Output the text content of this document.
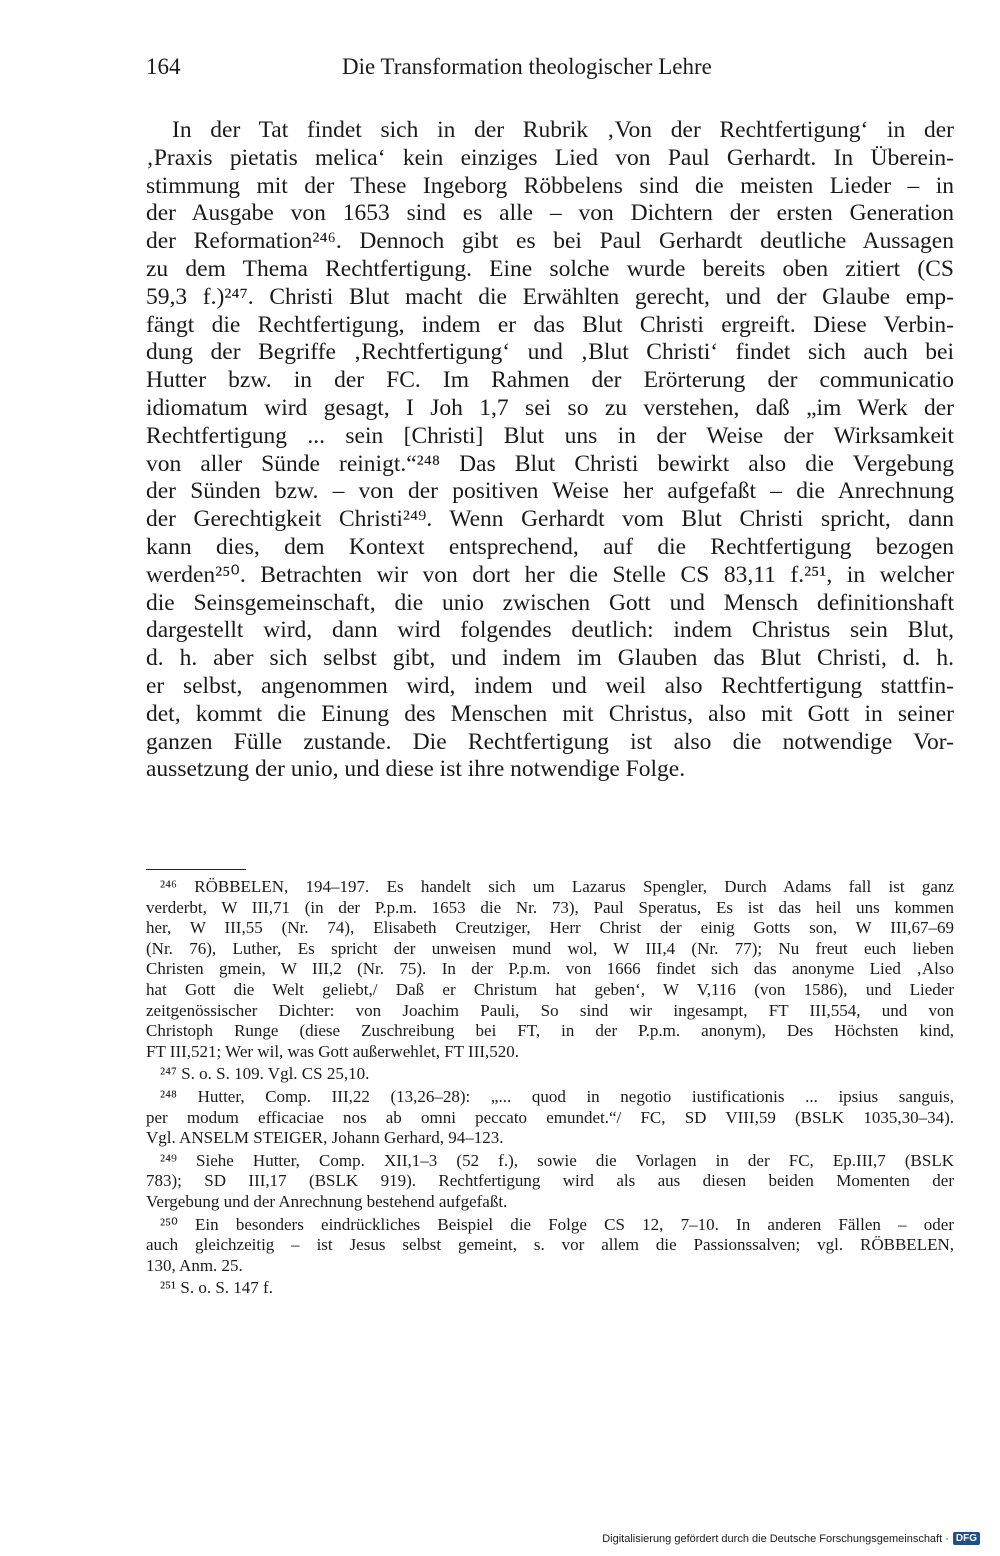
164	Die Transformation theologischer Lehre
In der Tat findet sich in der Rubrik ‚Von der Rechtfertigung‘ in der
‚Praxis pietatis melica‘ kein einziges Lied von Paul Gerhardt. In Überein-
stimmung mit der These Ingeborg Röbbelens sind die meisten Lieder – in
der Ausgabe von 1653 sind es alle – von Dichtern der ersten Generation
der Reformation²⁴⁶. Dennoch gibt es bei Paul Gerhardt deutliche Aussagen
zu dem Thema Rechtfertigung. Eine solche wurde bereits oben zitiert (CS
59,3 f.)²⁴⁷. Christi Blut macht die Erwählten gerecht, und der Glaube emp-
fängt die Rechtfertigung, indem er das Blut Christi ergreift. Diese Verbin-
dung der Begriffe ‚Rechtfertigung‘ und ‚Blut Christi‘ findet sich auch bei
Hutter bzw. in der FC. Im Rahmen der Erörterung der communicatio
idiomatum wird gesagt, I Joh 1,7 sei so zu verstehen, daß „im Werk der
Rechtfertigung ... sein [Christi] Blut uns in der Weise der Wirksamkeit
von aller Sünde reinigt.“²⁴⁸ Das Blut Christi bewirkt also die Vergebung
der Sünden bzw. – von der positiven Weise her aufgefaßt – die Anrechnung
der Gerechtigkeit Christi²⁴⁹. Wenn Gerhardt vom Blut Christi spricht, dann
kann dies, dem Kontext entsprechend, auf die Rechtfertigung bezogen
werden²⁵⁰. Betrachten wir von dort her die Stelle CS 83,11 f.²⁵¹, in welcher
die Seinsgemeinschaft, die unio zwischen Gott und Mensch definitionshaft
dargestellt wird, dann wird folgendes deutlich: indem Christus sein Blut,
d. h. aber sich selbst gibt, und indem im Glauben das Blut Christi, d. h.
er selbst, angenommen wird, indem und weil also Rechtfertigung stattfin-
det, kommt die Einung des Menschen mit Christus, also mit Gott in seiner
ganzen Fülle zustande. Die Rechtfertigung ist also die notwendige Vor-
aussetzung der unio, und diese ist ihre notwendige Folge.
²⁴⁶ RÖBBELEN, 194–197. Es handelt sich um Lazarus Spengler, Durch Adams fall ist ganz
verderbt, W III,71 (in der P.p.m. 1653 die Nr. 73), Paul Speratus, Es ist das heil uns kommen
her, W III,55 (Nr. 74), Elisabeth Creutziger, Herr Christ der einig Gotts son, W III,67–69
(Nr. 76), Luther, Es spricht der unweisen mund wol, W III,4 (Nr. 77); Nu freut euch lieben
Christen gmein, W III,2 (Nr. 75). In der P.p.m. von 1666 findet sich das anonyme Lied ‚Also
hat Gott die Welt geliebt,/ Daß er Christum hat geben‘, W V,116 (von 1586), und Lieder
zeitgenössischer Dichter: von Joachim Pauli, So sind wir ingesampt, FT III,554, und von
Christoph Runge (diese Zuschreibung bei FT, in der P.p.m. anonym), Des Höchsten kind,
FT III,521; Wer wil, was Gott außerwehlet, FT III,520.
²⁴⁷ S. o. S. 109. Vgl. CS 25,10.
²⁴⁸ Hutter, Comp. III,22 (13,26–28): „... quod in negotio iustificationis ... ipsius sanguis,
per modum efficaciae nos ab omni peccato emundet.“/ FC, SD VIII,59 (BSLK 1035,30–34).
Vgl. ANSELM STEIGER, Johann Gerhard, 94–123.
²⁴⁹ Siehe Hutter, Comp. XII,1–3 (52 f.), sowie die Vorlagen in der FC, Ep.III,7 (BSLK
783); SD III,17 (BSLK 919). Rechtfertigung wird als aus diesen beiden Momenten der
Vergebung und der Anrechnung bestehend aufgefaßt.
²⁵⁰ Ein besonders eindrückliches Beispiel die Folge CS 12, 7–10. In anderen Fällen – oder
auch gleichzeitig – ist Jesus selbst gemeint, s. vor allem die Passionssalven; vgl. RÖBBELEN,
130, Anm. 25.
²⁵¹ S. o. S. 147 f.
Digitalisierung gefördert durch die Deutsche Forschungsgemeinschaft · DFG
